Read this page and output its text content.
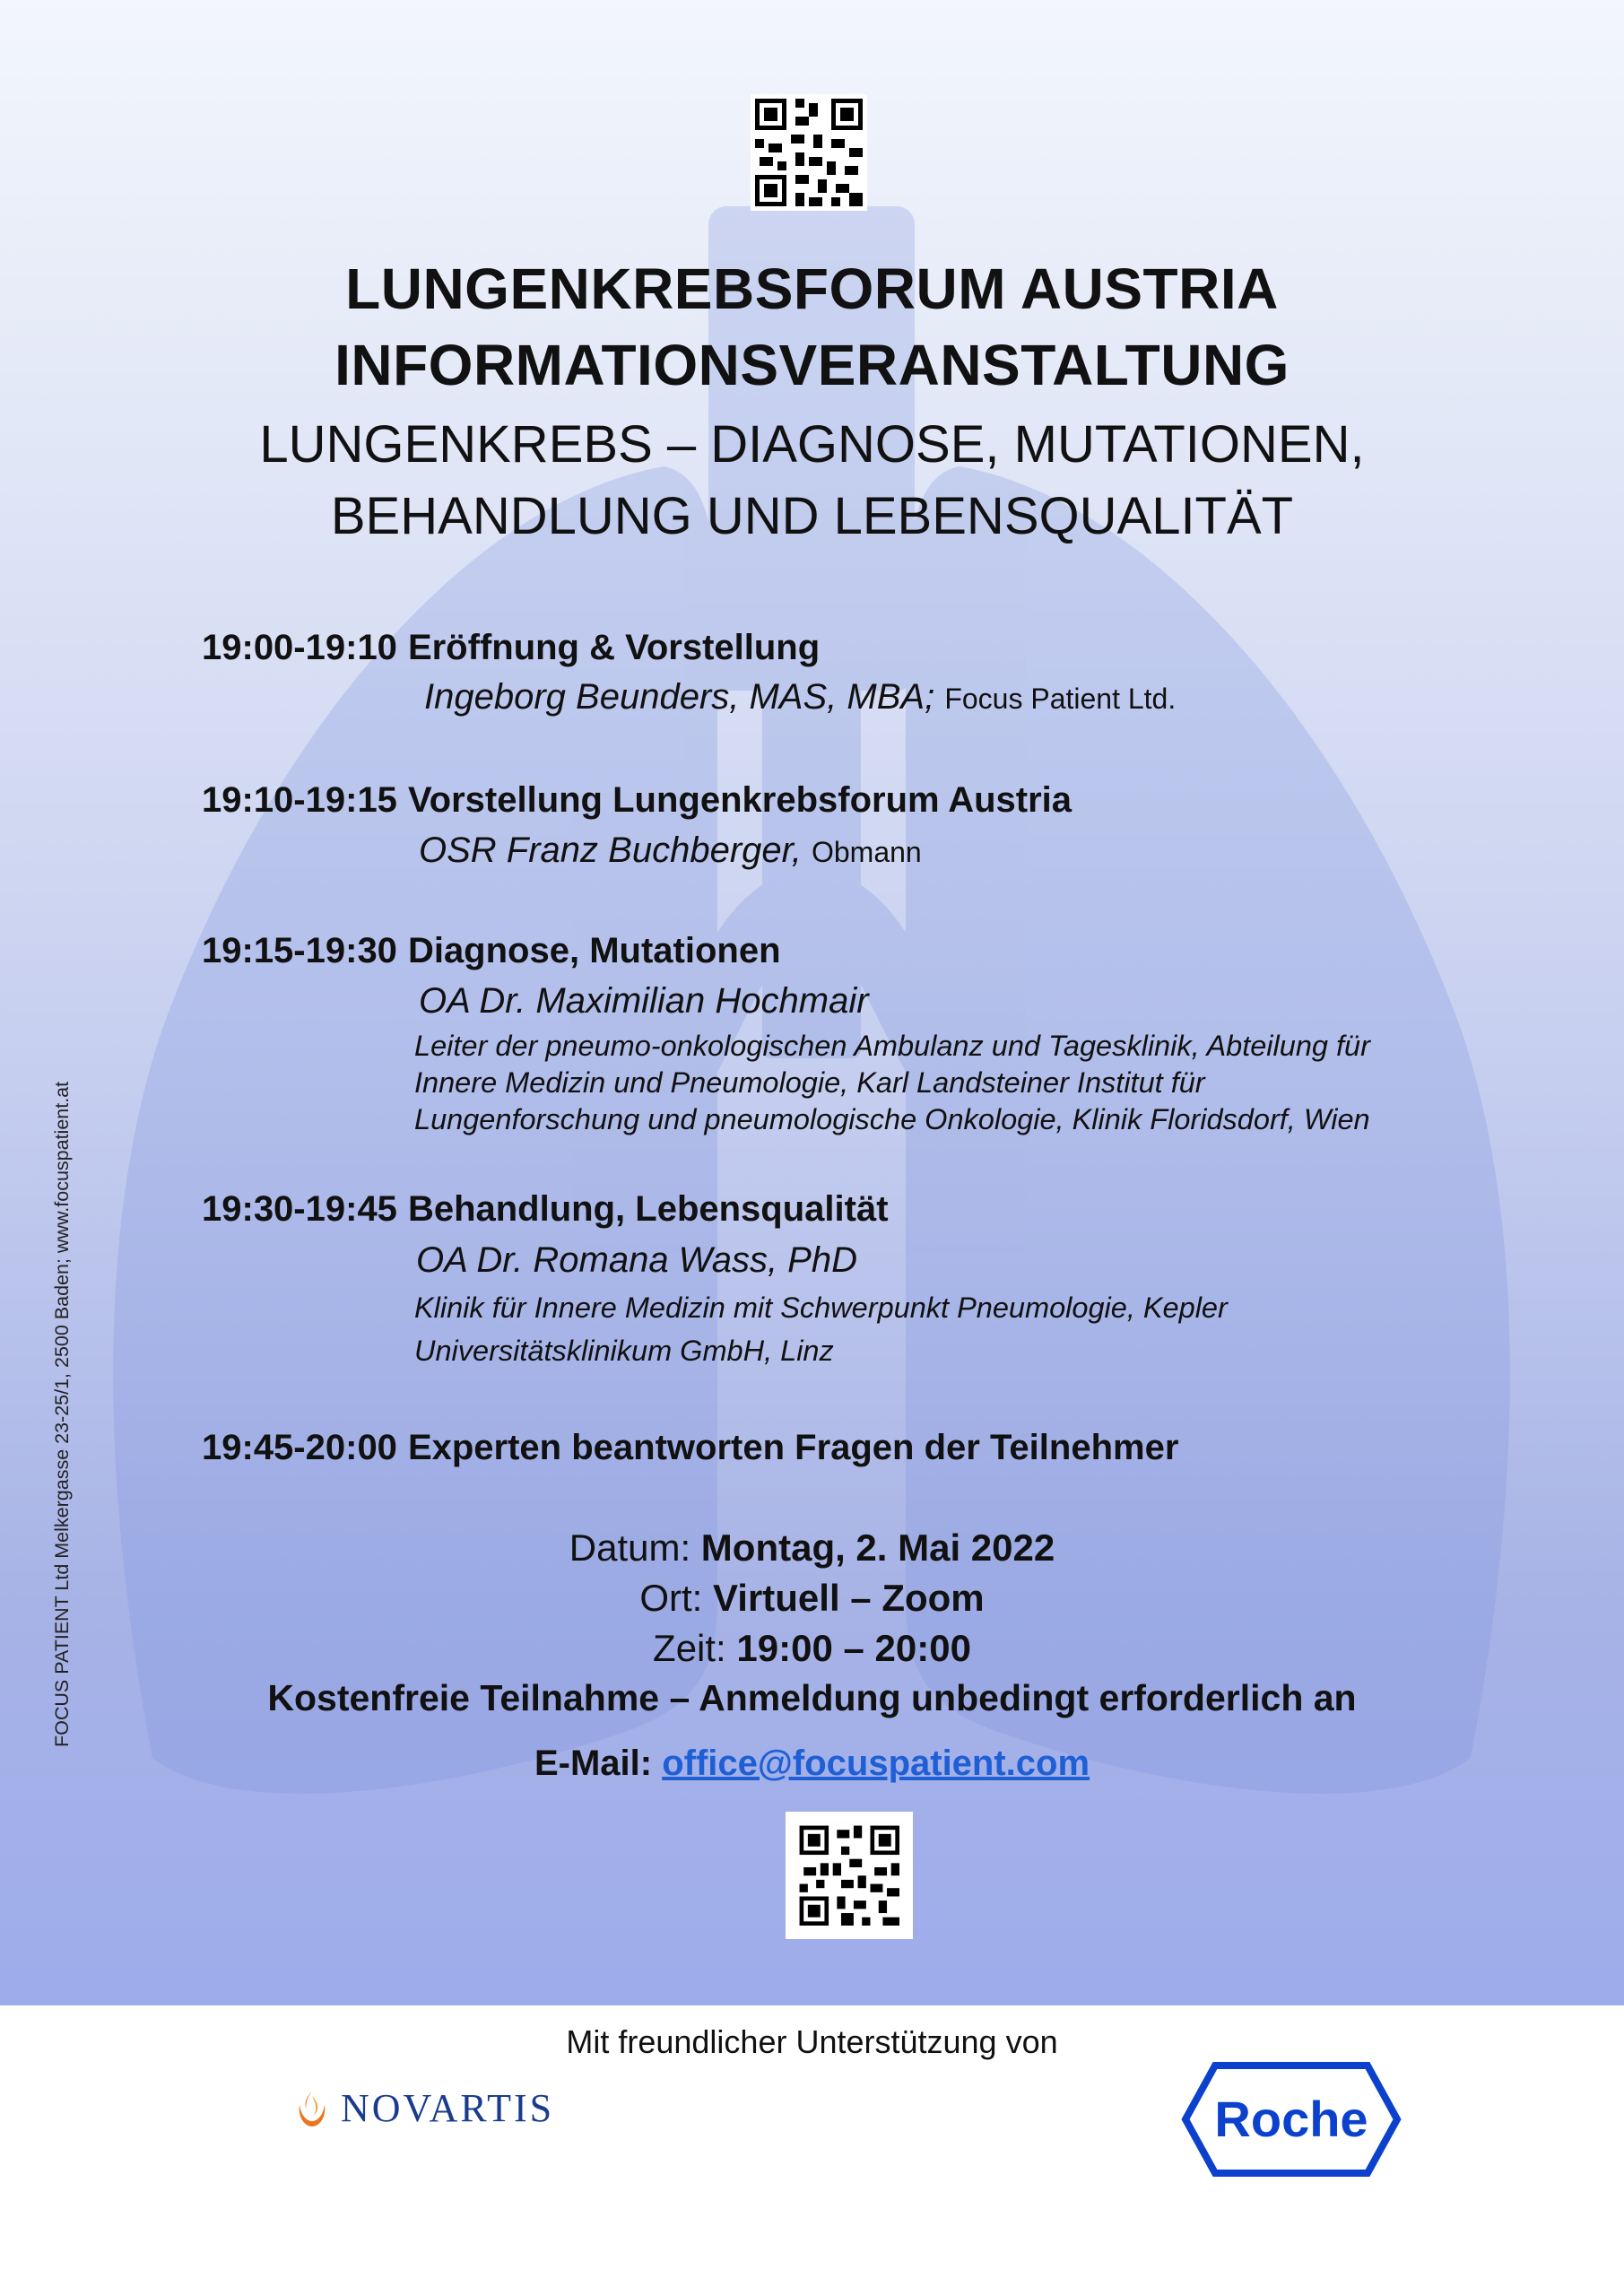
LUNGENKREBSFORUM AUSTRIA
INFORMATIONSVERANSTALTUNG
LUNGENKREBS – DIAGNOSE, MUTATIONEN,
BEHANDLUNG UND LEBENSQUALITÄT
19:00-19:10 Eröffnung & Vorstellung
Ingeborg Beunders, MAS, MBA; Focus Patient Ltd.
19:10-19:15 Vorstellung Lungenkrebsforum Austria
OSR Franz Buchberger, Obmann
19:15-19:30 Diagnose, Mutationen
OA Dr. Maximilian Hochmair
Leiter der pneumo-onkologischen Ambulanz und Tagesklinik, Abteilung für
Innere Medizin und Pneumologie, Karl Landsteiner Institut für
Lungenforschung und pneumologische Onkologie, Klinik Floridsdorf, Wien
19:30-19:45 Behandlung, Lebensqualität
OA Dr. Romana Wass, PhD
Klinik für Innere Medizin mit Schwerpunkt Pneumologie, Kepler
Universitätsklinikum GmbH, Linz
19:45-20:00 Experten beantworten Fragen der Teilnehmer
Datum: Montag, 2. Mai 2022
Ort: Virtuell – Zoom
Zeit: 19:00 – 20:00
Kostenfreie Teilnahme – Anmeldung unbedingt erforderlich an
E-Mail: office@focuspatient.com
FOCUS PATIENT Ltd Melkergasse 23-25/1, 2500 Baden; www.focuspatient.at
Mit freundlicher Unterstützung von
NOVARTIS	Roche
